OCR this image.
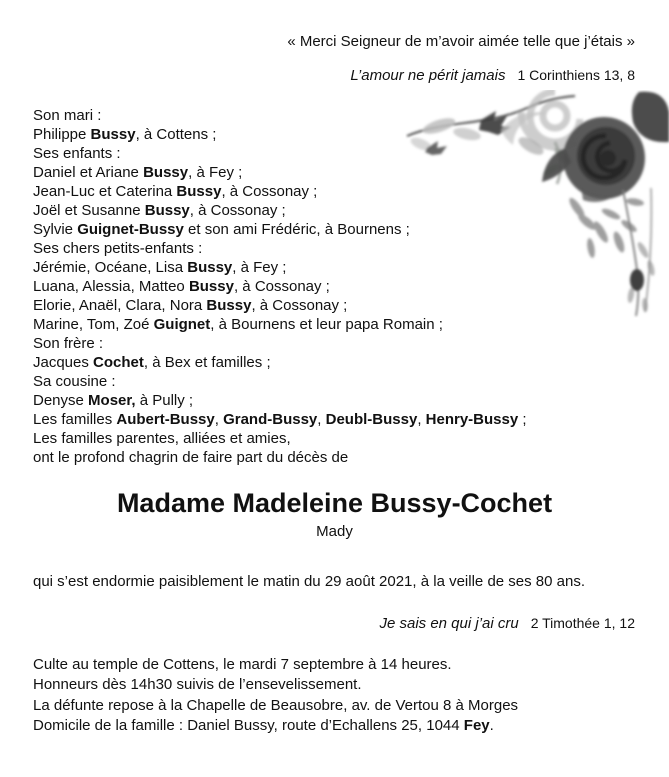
« Merci Seigneur de m’avoir aimée telle que j’étais »
L’amour ne périt jamais 1 Corinthiens 13, 8
Son mari :
Philippe Bussy, à Cottens ;
Ses enfants :
Daniel et Ariane Bussy, à Fey ;
Jean-Luc et Caterina Bussy, à Cossonay ;
Joël et Susanne Bussy, à Cossonay ;
Sylvie Guignet-Bussy et son ami Frédéric, à Bournens ;
Ses chers petits-enfants :
Jérémie, Océane, Lisa Bussy, à Fey ;
Luana, Alessia, Matteo Bussy, à Cossonay ;
Elorie, Anaël, Clara, Nora Bussy, à Cossonay ;
Marine, Tom, Zoé Guignet, à Bournens et leur papa Romain ;
Son frère :
Jacques Cochet, à Bex et familles ;
Sa cousine :
Denyse Moser, à Pully ;
Les familles Aubert-Bussy, Grand-Bussy, Deubl-Bussy, Henry-Bussy ;
Les familles parentes, alliées et amies,
ont le profond chagrin de faire part du décès de
Madame Madeleine Bussy-Cochet
Mady
qui s’est endormie paisiblement le matin du 29 août 2021, à la veille de ses 80 ans.
Je sais en qui j’ai cru 2 Timothée 1, 12
Culte au temple de Cottens, le mardi 7 septembre à 14 heures.
Honneurs dès 14h30 suivis de l’ensevelissement.
La défunte repose à la Chapelle de Beausobre, av. de Vertou 8 à Morges
Domicile de la famille : Daniel Bussy, route d’Echallens 25, 1044 Fey.
